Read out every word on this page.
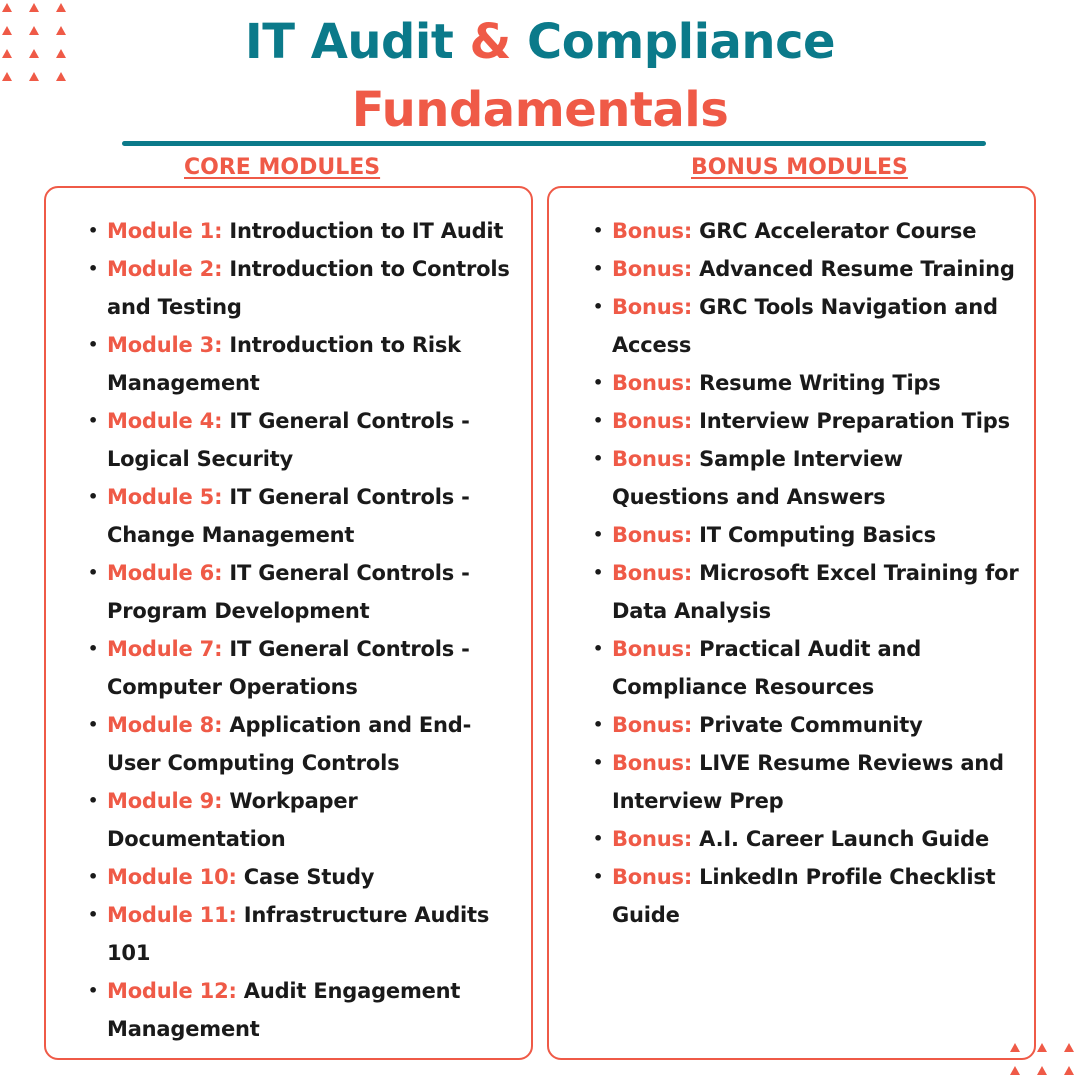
IT Audit & Compliance
Fundamentals
CORE MODULES	BONUS MODULES
• Module 1: Introduction to IT Audit
• Module 2: Introduction to Controls and Testing
• Module 3: Introduction to Risk Management
• Module 4: IT General Controls - Logical Security
• Module 5: IT General Controls - Change Management
• Module 6: IT General Controls - Program Development
• Module 7: IT General Controls - Computer Operations
• Module 8: Application and End-User Computing Controls
• Module 9: Workpaper Documentation
• Module 10: Case Study
• Module 11: Infrastructure Audits 101
• Module 12: Audit Engagement Management
• Bonus: GRC Accelerator Course
• Bonus: Advanced Resume Training
• Bonus: GRC Tools Navigation and Access
• Bonus: Resume Writing Tips
• Bonus: Interview Preparation Tips
• Bonus: Sample Interview Questions and Answers
• Bonus: IT Computing Basics
• Bonus: Microsoft Excel Training for Data Analysis
• Bonus: Practical Audit and Compliance Resources
• Bonus: Private Community
• Bonus: LIVE Resume Reviews and Interview Prep
• Bonus: A.I. Career Launch Guide
• Bonus: LinkedIn Profile Checklist Guide
